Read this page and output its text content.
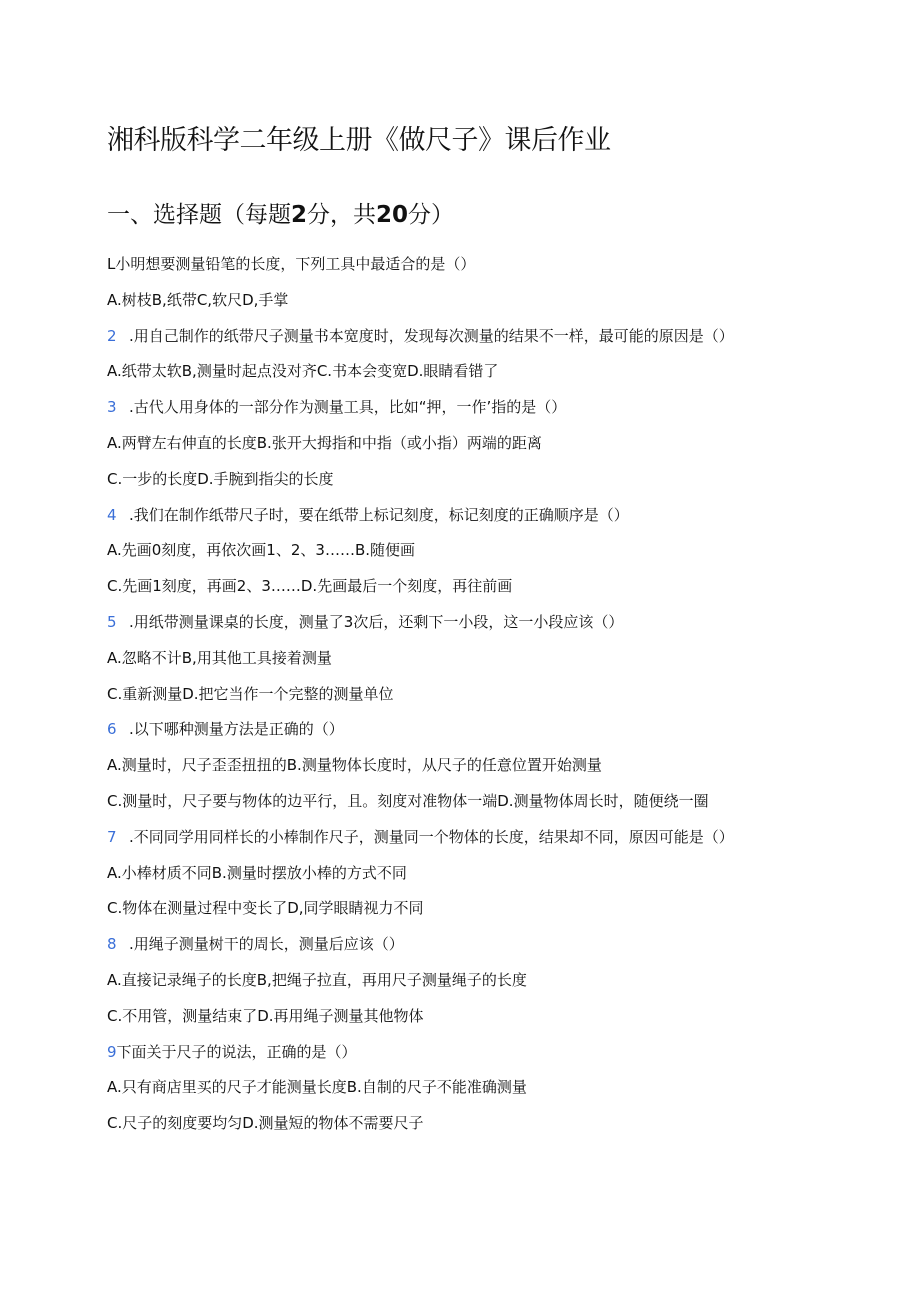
湘科版科学二年级上册《做尺子》课后作业
一、选择题（每题2分，共20分）
L小明想要测量铅笔的长度，下列工具中最适合的是（）
A.树枝B,纸带C,软尺D,手掌
2 .用自己制作的纸带尺子测量书本宽度时，发现每次测量的结果不一样，最可能的原因是（）
A.纸带太软B,测量时起点没对齐C.书本会变宽D.眼睛看错了
3 .古代人用身体的一部分作为测量工具，比如“押，一作’指的是（）
A.两臂左右伸直的长度B.张开大拇指和中指（或小指）两端的距离
C.一步的长度D.手腕到指尖的长度
4 .我们在制作纸带尺子时，要在纸带上标记刻度，标记刻度的正确顺序是（）
A.先画0刻度，再依次画1、2、3……B.随便画
C.先画1刻度，再画2、3……D.先画最后一个刻度，再往前画
5 .用纸带测量课桌的长度，测量了3次后，还剩下一小段，这一小段应该（）
A.忽略不计B,用其他工具接着测量
C.重新测量D.把它当作一个完整的测量单位
6 .以下哪种测量方法是正确的（）
A.测量时，尺子歪歪扭扭的B.测量物体长度时，从尺子的任意位置开始测量
C.测量时，尺子要与物体的边平行，且。刻度对准物体一端D.测量物体周长时，随便绕一圈
7 .不同同学用同样长的小棒制作尺子，测量同一个物体的长度，结果却不同，原因可能是（）
A.小棒材质不同B.测量时摆放小棒的方式不同
C.物体在测量过程中变长了D,同学眼睛视力不同
8 .用绳子测量树干的周长，测量后应该（）
A.直接记录绳子的长度B,把绳子拉直，再用尺子测量绳子的长度
C.不用管，测量结束了D.再用绳子测量其他物体
9下面关于尺子的说法，正确的是（）
A.只有商店里买的尺子才能测量长度B.自制的尺子不能准确测量
C.尺子的刻度要均匀D.测量短的物体不需要尺子
